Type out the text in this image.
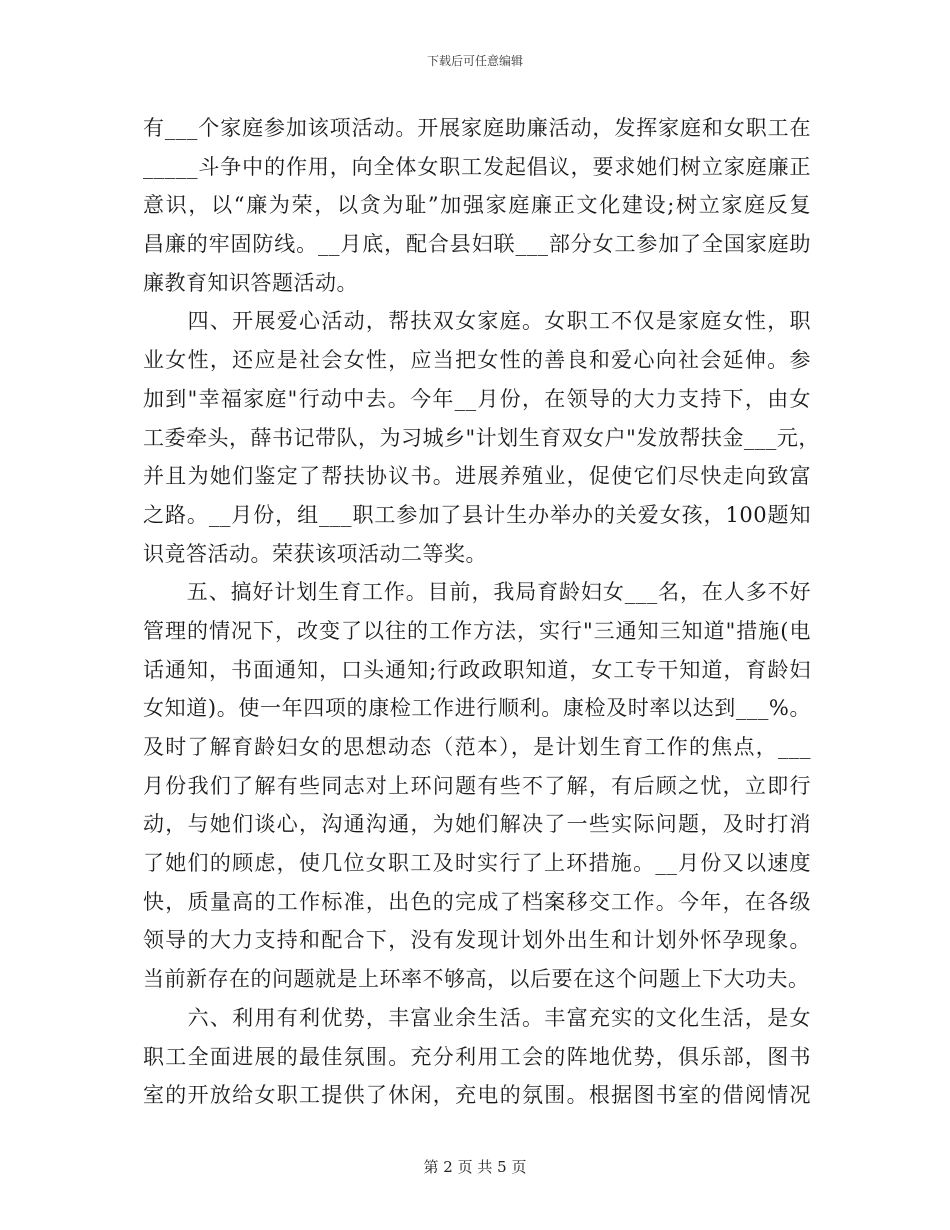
下载后可任意编辑
有___个家庭参加该项活动。开展家庭助廉活动，发挥家庭和女职工在
_____斗争中的作用，向全体女职工发起倡议，要求她们树立家庭廉正
意识，以“廉为荣，以贪为耻”加强家庭廉正文化建设;树立家庭反复
昌廉的牢固防线。__月底，配合县妇联___部分女工参加了全国家庭助
廉教育知识答题活动。
　　四、开展爱心活动，帮扶双女家庭。女职工不仅是家庭女性，职
业女性，还应是社会女性，应当把女性的善良和爱心向社会延伸。参
加到"幸福家庭"行动中去。今年__月份，在领导的大力支持下，由女
工委牵头，薛书记带队，为习城乡"计划生育双女户"发放帮扶金___元，
并且为她们鉴定了帮扶协议书。进展养殖业，促使它们尽快走向致富
之路。__月份，组___职工参加了县计生办举办的关爱女孩，100题知
识竟答活动。荣获该项活动二等奖。
　　五、搞好计划生育工作。目前，我局育龄妇女___名，在人多不好
管理的情况下，改变了以往的工作方法，实行"三通知三知道"措施(电
话通知，书面通知，口头通知;行政政职知道，女工专干知道，育龄妇
女知道)。使一年四项的康检工作进行顺利。康检及时率以达到___%。
及时了解育龄妇女的思想动态（范本），是计划生育工作的焦点，___
月份我们了解有些同志对上环问题有些不了解，有后顾之忧，立即行
动，与她们谈心，沟通沟通，为她们解决了一些实际问题，及时打消
了她们的顾虑，使几位女职工及时实行了上环措施。__月份又以速度
快，质量高的工作标准，出色的完成了档案移交工作。今年，在各级
领导的大力支持和配合下，没有发现计划外出生和计划外怀孕现象。
当前新存在的问题就是上环率不够高，以后要在这个问题上下大功夫。
　　六、利用有利优势，丰富业余生活。丰富充实的文化生活，是女
职工全面进展的最佳氛围。充分利用工会的阵地优势，俱乐部，图书
室的开放给女职工提供了休闲，充电的氛围。根据图书室的借阅情况
第 2 页 共 5 页
